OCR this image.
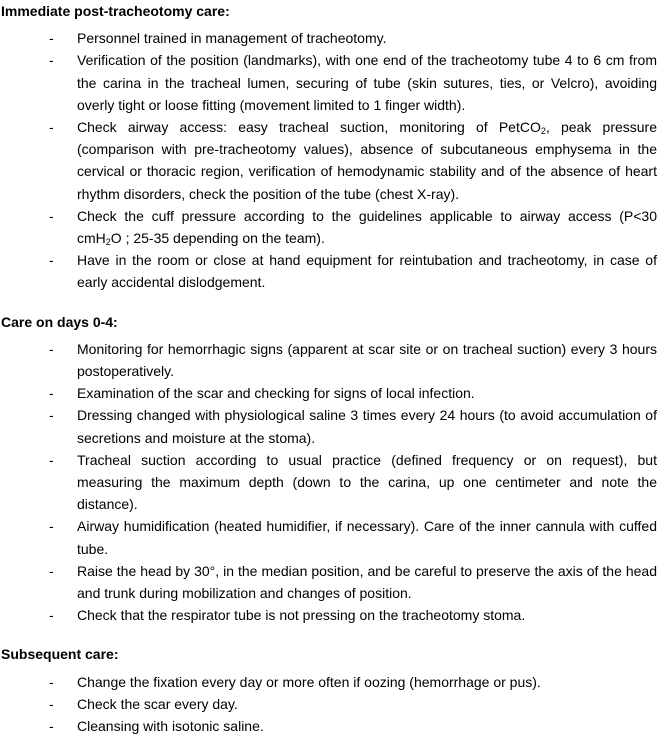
Immediate post-tracheotomy care:

- Personnel trained in management of tracheotomy.
- Verification of the position (landmarks), with one end of the tracheotomy tube 4 to 6 cm from the carina in the tracheal lumen, securing of tube (skin sutures, ties, or Velcro), avoiding overly tight or loose fitting (movement limited to 1 finger width).
- Check airway access: easy tracheal suction, monitoring of PetCO$_2$, peak pressure (comparison with pre-tracheotomy values), absence of subcutaneous emphysema in the cervical or thoracic region, verification of hemodynamic stability and of the absence of heart rhythm disorders, check the position of the tube (chest X-ray).
- Check the cuff pressure according to the guidelines applicable to airway access (P<30 cmH$_2$O ; 25-35 depending on the team).
- Have in the room or close at hand equipment for reintubation and tracheotomy, in case of early accidental dislodgement.

Care on days 0-4:

- Monitoring for hemorrhagic signs (apparent at scar site or on tracheal suction) every 3 hours postoperatively.
- Examination of the scar and checking for signs of local infection.
- Dressing changed with physiological saline 3 times every 24 hours (to avoid accumulation of secretions and moisture at the stoma).
- Tracheal suction according to usual practice (defined frequency or on request), but measuring the maximum depth (down to the carina, up one centimeter and note the distance).
- Airway humidification (heated humidifier, if necessary). Care of the inner cannula with cuffed tube.
- Raise the head by 30°, in the median position, and be careful to preserve the axis of the head and trunk during mobilization and changes of position.
- Check that the respirator tube is not pressing on the tracheotomy stoma.

Subsequent care:

- Change the fixation every day or more often if oozing (hemorrhage or pus).
- Check the scar every day.
- Cleansing with isotonic saline.
